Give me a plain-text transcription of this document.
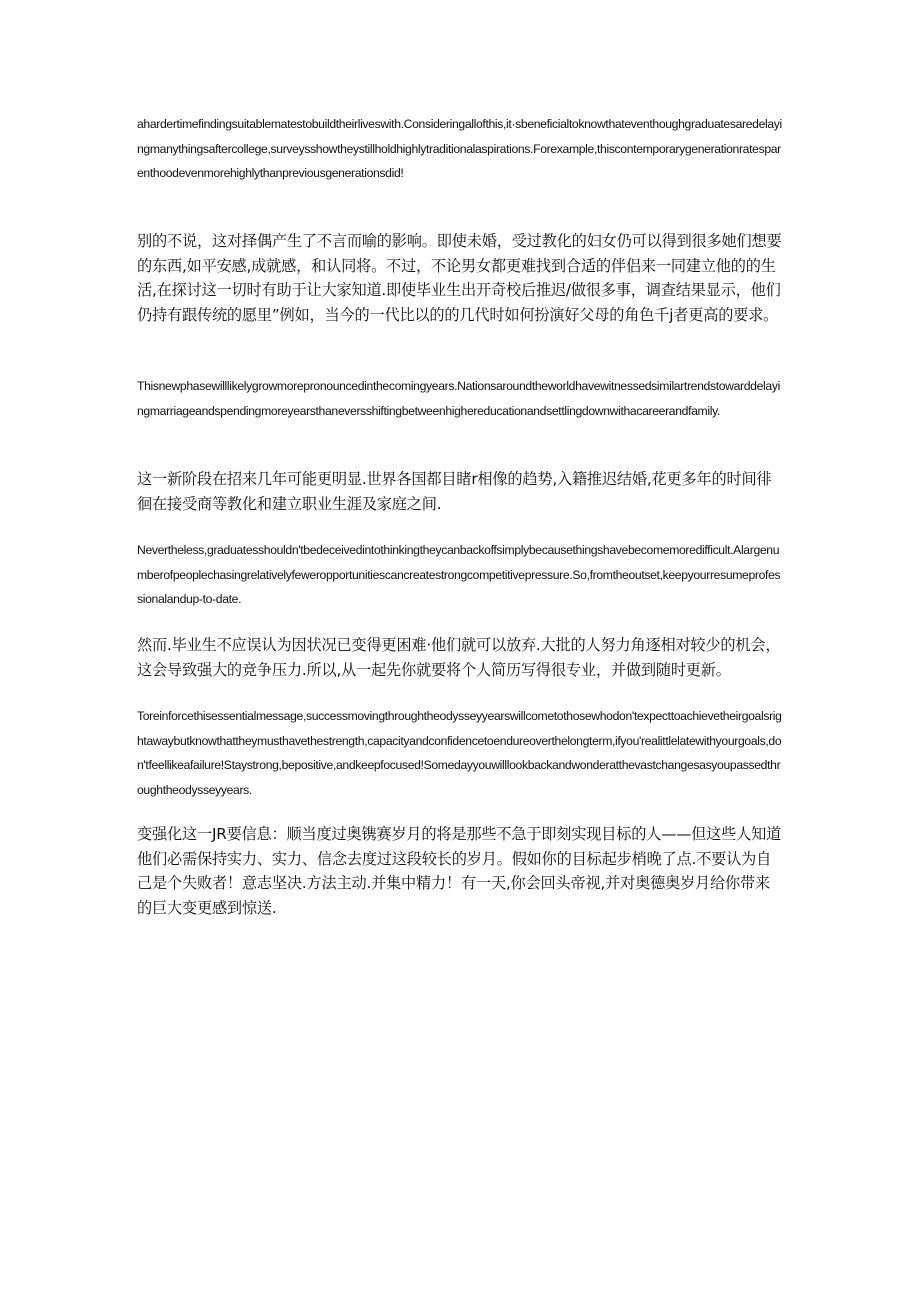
ahardertimefindingsuitablematestobuildtheirliveswith.Consideringallofthis,it·sbeneficialtoknowthateventhoughgraduatesaredelayingmanythingsaftercollege,surveysshowtheystillholdhighlytraditionalaspirations.Forexample,thiscontemporarygenerationratesparenthoodevenmorehighlythanpreviousgenerationsdid!

别的不说，这对择偶产生了不言而喻的影响。即使未婚，受过教化的妇女仍可以得到很多她们想要的东西,如平安感,成就感，和认同将。不过，不论男女都更难找到合适的伴侣来一同建立他的的生活,在探讨这一切时有助于让大家知道.即使毕业生出开奇校后推迟/做很多事，调查结果显示，他们仍持有跟传统的愿里”例如，当今的一代比以的的几代时如何扮演好父母的角色千j者更高的要求。

Thisnewphasewilllikelygrowmorepronouncedinthecomingyears.Nationsaroundtheworldhavewitnessedsimilartrendstowarddelayingmarriageandspendingmoreyearsthaneversshiftingbetweenhighereducationandsettlingdownwithacareerandfamily.

这一新阶段在招来几年可能更明显.世界各国都目睹r相像的趋势,入籍推迟结婚,花更多年的时间徘徊在接受商等教化和建立职业生涯及家庭之间.

Nevertheless,graduatesshouldn'tbedeceivedintothinkingtheycanbackoffsimplybecausethingshavebecomemoredifficult.Alargenumberofpeoplechasingrelativelyfeweropportunitiescancreatestrongcompetitivepressure.So,fromtheoutset,keepyourresumeprofessionalandup-to-date.

然而.毕业生不应误认为因状况已变得更困难·他们就可以放弃.大批的人努力角逐相对较少的机会，这会导致强大的竞争压力.所以,从一起先你就要将个人简历写得很专业，并做到随时更新。

Toreinforcethisessentialmessage,successmovingthroughtheodysseyyearswillcometothosewhodon'texpecttoachievetheirgoalsrightawaybutknowthattheymusthavethestrength,capacityandconfidencetoendureoverthelongterm,ifyou'realittlelatewithyourgoals,don'tfeellikeafailure!Staystrong,bepositive,andkeepfocused!Somedayyouwilllookbackandwonderatthevastchangesasyoupassedthroughtheodysseyyears.

变强化这一JR要信息：顺当度过奥镌赛岁月的将是那些不急于即刻实现目标的人——但这些人知道他们必需保持实力、实力、信念去度过这段较长的岁月。假如你的目标起步梢晚了点.不要认为自己是个失败者！意志坚决.方法主动.并集中精力！有一天,你会回头帝视,并对奥德奥岁月给你带来的巨大变更感到惊送.
